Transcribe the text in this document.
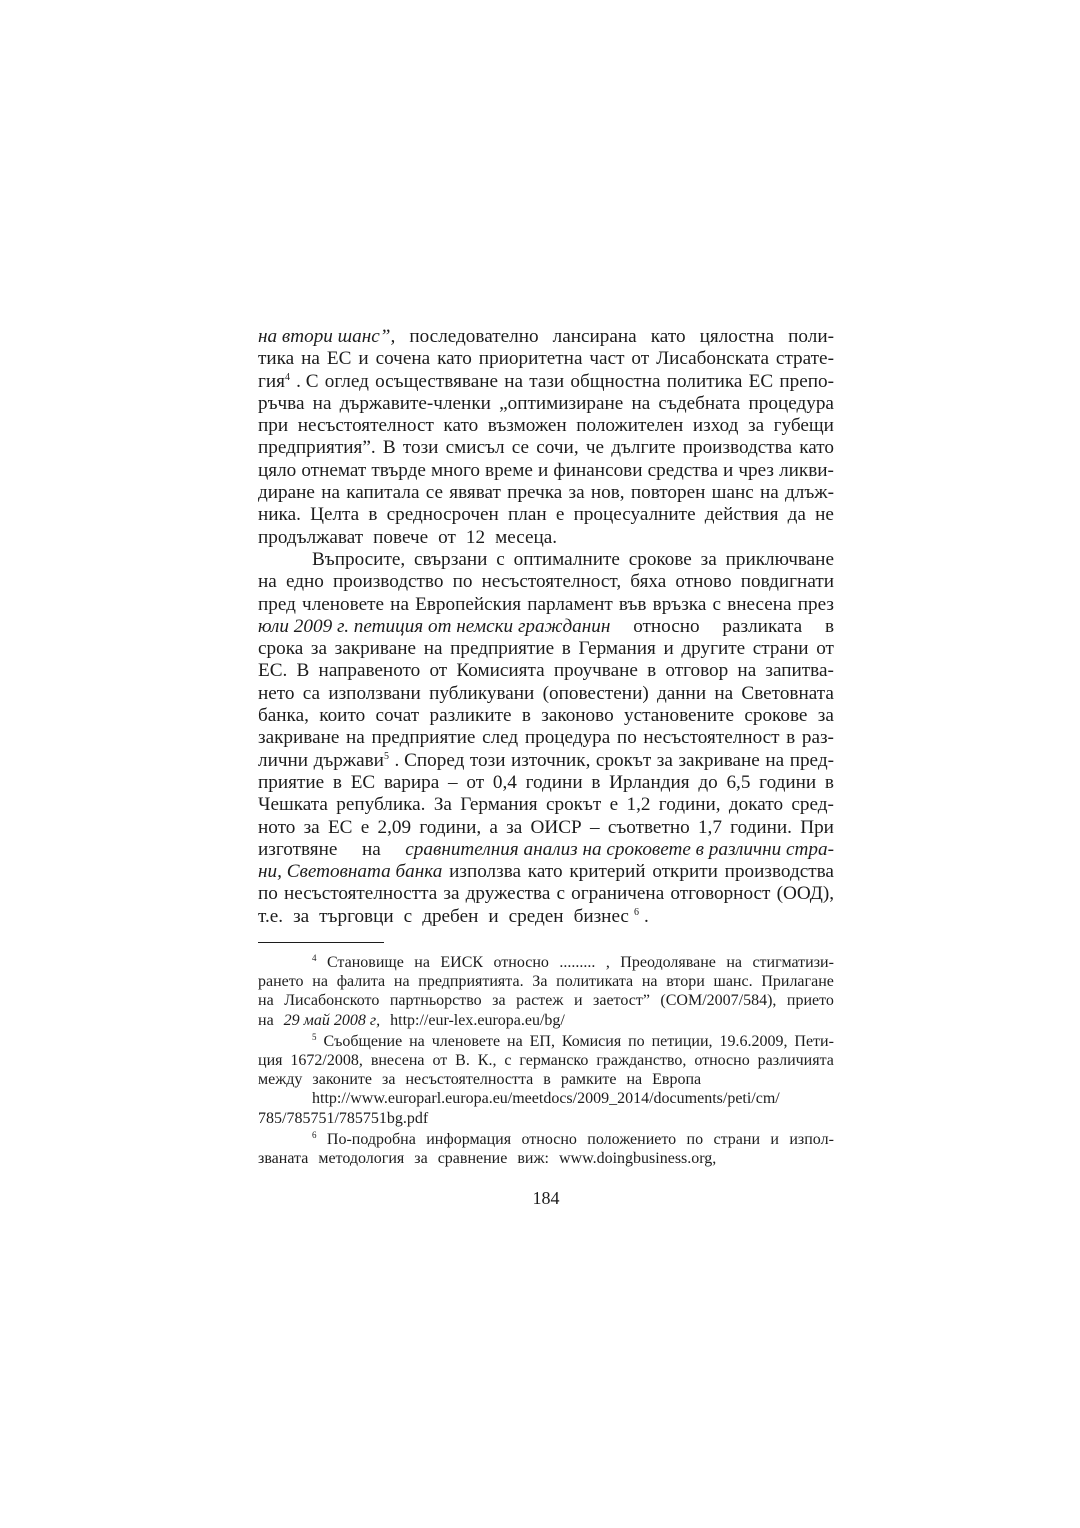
на втори шанс”, последователно лансирана като цялостна поли-
тика на ЕС и сочена като приоритетна част от Лисабонската страте-
гия$^4$ . С оглед осъществяване на тази общностна политика ЕС препо-
ръчва на държавите-членки „оптимизиране на съдебната процедура
при несъстоятелност като възможен положителен изход за губещи
предприятия”. В този смисъл се сочи, че дългите производства като
цяло отнемат твърде много време и финансови средства и чрез ликви-
диране на капитала се явяват пречка за нов, повторен шанс на длъж-
ника. Целта в средносрочен план е процесуалните действия да не
продължават повече от 12 месеца.
Въпросите, свързани с оптималните срокове за приключване
на едно производство по несъстоятелност, бяха отново повдигнати
пред членовете на Европейския парламент във връзка с внесена през
юли 2009 г. петиция от немски гражданин относно разликата в
срока за закриване на предприятие в Германия и другите страни от
ЕС. В направеното от Комисията проучване в отговор на запитва-
нето са използвани публикувани (оповестени) данни на Световната
банка, които сочат разликите в законово установените срокове за
закриване на предприятие след процедура по несъстоятелност в раз-
лични държави$^5$ . Според този източник, срокът за закриване на пред-
приятие в ЕС варира – от 0,4 години в Ирландия до 6,5 години в
Чешката република. За Германия срокът е 1,2 години, докато сред-
ното за ЕС е 2,09 години, а за ОИСР – съответно 1,7 години. При
изготвяне на сравнителния анализ на сроковете в различни стра-
ни, Световната банка използва като критерий открити производства
по несъстоятелността за дружества с ограничена отговорност (ООД),
т.е. за търговци с дребен и среден бизнес $^6$ .
$^4$ Становище на ЕИСК относно ......... , Преодоляване на стигматизи-
рането на фалита на предприятията. За политиката на втори шанс. Прилагане
на Лисабонското партньорство за растеж и заетост” (COM/2007/584), прието
на 29 май 2008 г, http://eur-lex.europa.eu/bg/
$^5$ Съобщение на членовете на ЕП, Комисия по петиции, 19.6.2009, Пети-
ция 1672/2008, внесена от В. К., с германско гражданство, относно различията
между законите за несъстоятелността в рамките на Европа
http://www.europarl.europa.eu/meetdocs/2009_2014/documents/peti/cm/
785/785751/785751bg.pdf
$^6$ По-подробна информация относно положението по страни и изпол-
званата методология за сравнение виж: www.doingbusiness.org,
184
